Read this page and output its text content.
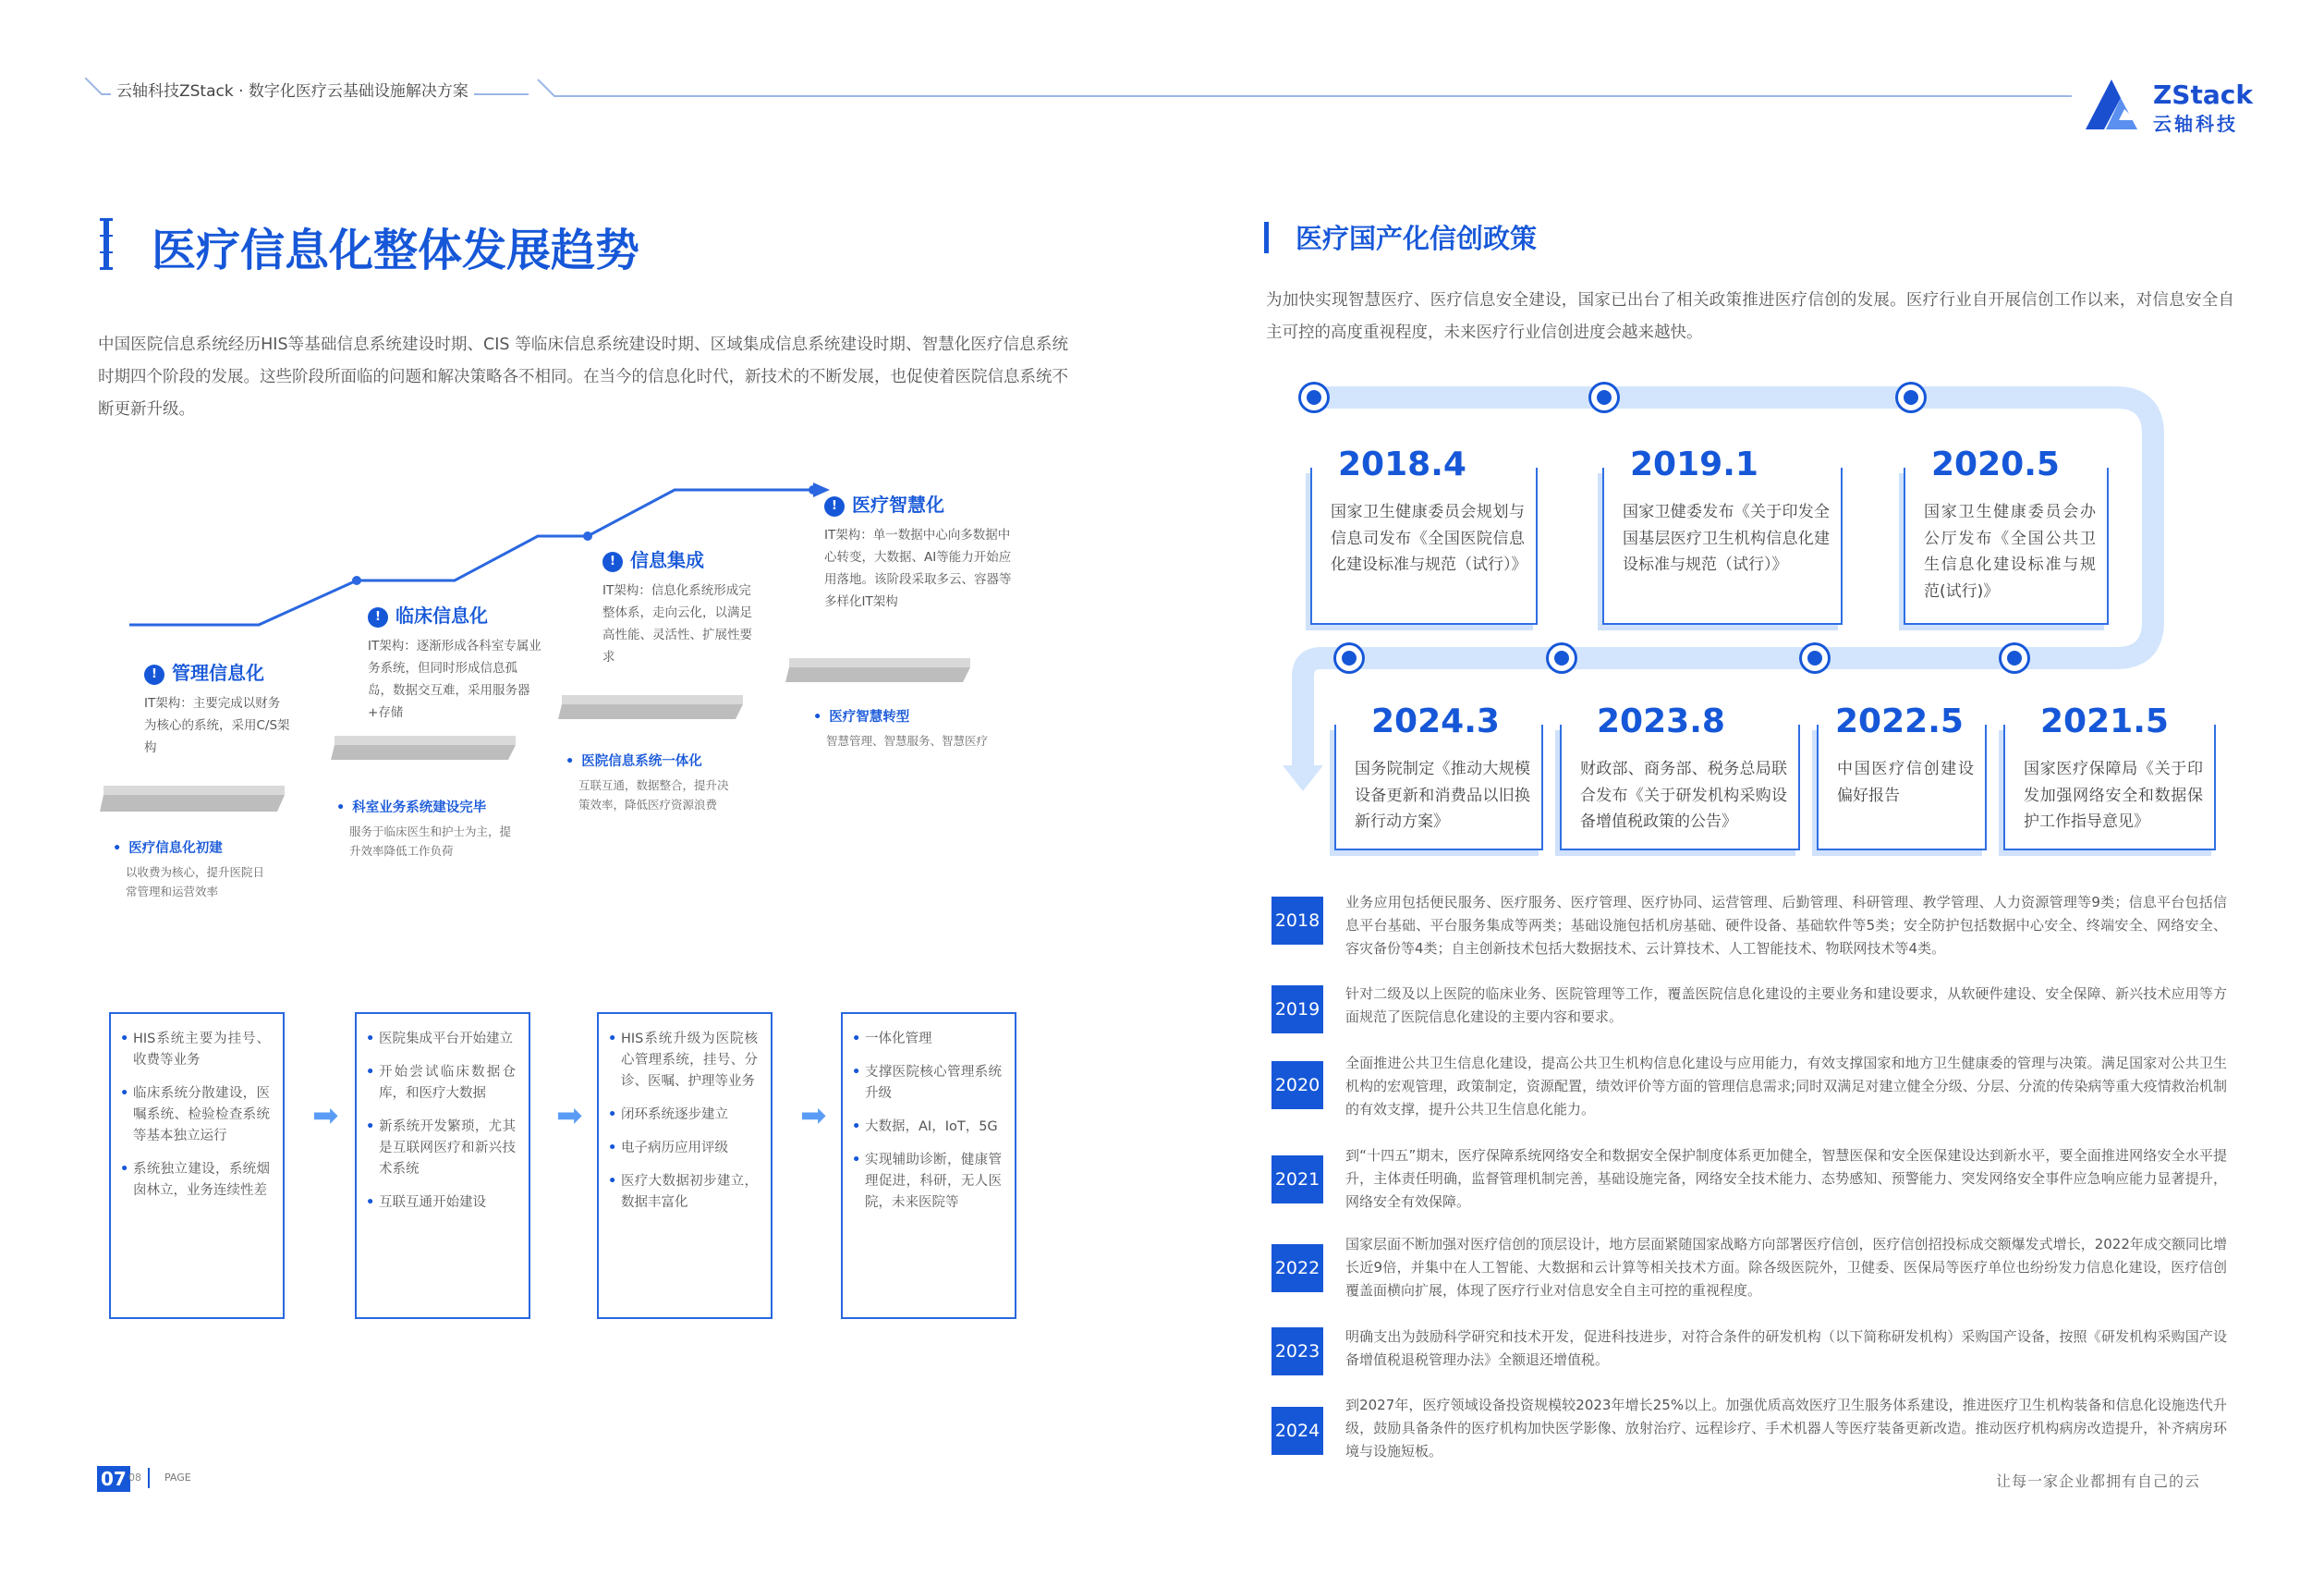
云轴科技ZStack · 数字化医疗云基础设施解决方案	ZStack
云轴科技
医疗信息化整体发展趋势
中国医院信息系统经历HIS等基础信息系统建设时期、CIS 等临床信息系统建设时期、区域集成信息系统建设时期、智慧化医疗信息系统时期四个阶段的发展。这些阶段所面临的问题和解决策略各不相同。在当今的信息化时代，新技术的不断发展，也促使着医院信息系统不断更新升级。
! 管理信息化
IT架构：主要完成以财务为核心的系统，采用C/S架构
• 医疗信息化初建
以收费为核心，提升医院日常管理和运营效率
! 临床信息化
IT架构：逐渐形成各科室专属业务系统，但同时形成信息孤岛，数据交互难，采用服务器+存储
• 科室业务系统建设完毕
服务于临床医生和护士为主，提升效率降低工作负荷
! 信息集成
IT架构：信息化系统形成完整体系，走向云化，以满足高性能、灵活性、扩展性要求
• 医院信息系统一体化
互联互通，数据整合，提升决策效率，降低医疗资源浪费
! 医疗智慧化
IT架构：单一数据中心向多数据中心转变，大数据、AI等能力开始应用落地。该阶段采取多云、容器等多样化IT架构
• 医疗智慧转型
智慧管理、智慧服务、智慧医疗
• HIS系统主要为挂号、收费等业务
• 临床系统分散建设，医嘱系统、检验检查系统等基本独立运行
• 系统独立建设，系统烟囱林立，业务连续性差
➡
• 医院集成平台开始建立
• 开始尝试临床数据仓库，和医疗大数据
• 新系统开发繁琐，尤其是互联网医疗和新兴技术系统
• 互联互通开始建设
➡
• HIS系统升级为医院核心管理系统，挂号、分诊、医嘱、护理等业务
• 闭环系统逐步建立
• 电子病历应用评级
• 医疗大数据初步建立，数据丰富化
➡
• 一体化管理
• 支撑医院核心管理系统升级
• 大数据，AI，IoT，5G
• 实现辅助诊断，健康管理促进，科研，无人医院，未来医院等
医疗国产化信创政策
为加快实现智慧医疗、医疗信息安全建设，国家已出台了相关政策推进医疗信创的发展。医疗行业自开展信创工作以来，对信息安全自主可控的高度重视程度，未来医疗行业信创进度会越来越快。
2018.4
国家卫生健康委员会规划与信息司发布《全国医院信息化建设标准与规范（试行）》
2019.1
国家卫健委发布《关于印发全国基层医疗卫生机构信息化建设标准与规范（试行）》
2020.5
国家卫生健康委员会办公厅发布《全国公共卫生信息化建设标准与规范(试行)》
2024.3
国务院制定《推动大规模设备更新和消费品以旧换新行动方案》
2023.8
财政部、商务部、税务总局联合发布《关于研发机构采购设备增值税政策的公告》
2022.5
中国医疗信创建设偏好报告
2021.5
国家医疗保障局《关于印发加强网络安全和数据保护工作指导意见》
2018
业务应用包括便民服务、医疗服务、医疗管理、医疗协同、运营管理、后勤管理、科研管理、教学管理、人力资源管理等9类；信息平台包括信息平台基础、平台服务集成等两类；基础设施包括机房基础、硬件设备、基础软件等5类；安全防护包括数据中心安全、终端安全、网络安全、容灾备份等4类；自主创新技术包括大数据技术、云计算技术、人工智能技术、物联网技术等4类。
2019
针对二级及以上医院的临床业务、医院管理等工作，覆盖医院信息化建设的主要业务和建设要求，从软硬件建设、安全保障、新兴技术应用等方面规范了医院信息化建设的主要内容和要求。
2020
全面推进公共卫生信息化建设，提高公共卫生机构信息化建设与应用能力，有效支撑国家和地方卫生健康委的管理与决策。满足国家对公共卫生机构的宏观管理，政策制定，资源配置，绩效评价等方面的管理信息需求;同时双满足对建立健全分级、分层、分流的传染病等重大疫情救治机制的有效支撑，提升公共卫生信息化能力。
2021
到“十四五”期末，医疗保障系统网络安全和数据安全保护制度体系更加健全，智慧医保和安全医保建设达到新水平，要全面推进网络安全水平提升，主体责任明确，监督管理机制完善，基础设施完备，网络安全技术能力、态势感知、预警能力、突发网络安全事件应急响应能力显著提升，网络安全有效保障。
2022
国家层面不断加强对医疗信创的顶层设计，地方层面紧随国家战略方向部署医疗信创，医疗信创招投标成交额爆发式增长，2022年成交额同比增长近9倍，并集中在人工智能、大数据和云计算等相关技术方面。除各级医院外，卫健委、医保局等医疗单位也纷纷发力信息化建设，医疗信创覆盖面横向扩展，体现了医疗行业对信息安全自主可控的重视程度。
2023
明确支出为鼓励科学研究和技术开发，促进科技进步，对符合条件的研发机构（以下简称研发机构）采购国产设备，按照《研发机构采购国产设备增值税退税管理办法》全额退还增值税。
2024
到2027年，医疗领域设备投资规模较2023年增长25%以上。加强优质高效医疗卫生服务体系建设，推进医疗卫生机构装备和信息化设施迭代升级，鼓励具备条件的医疗机构加快医学影像、放射治疗、远程诊疗、手术机器人等医疗装备更新改造。推动医疗机构病房改造提升，补齐病房环境与设施短板。
07 08 PAGE	让每一家企业都拥有自己的云
